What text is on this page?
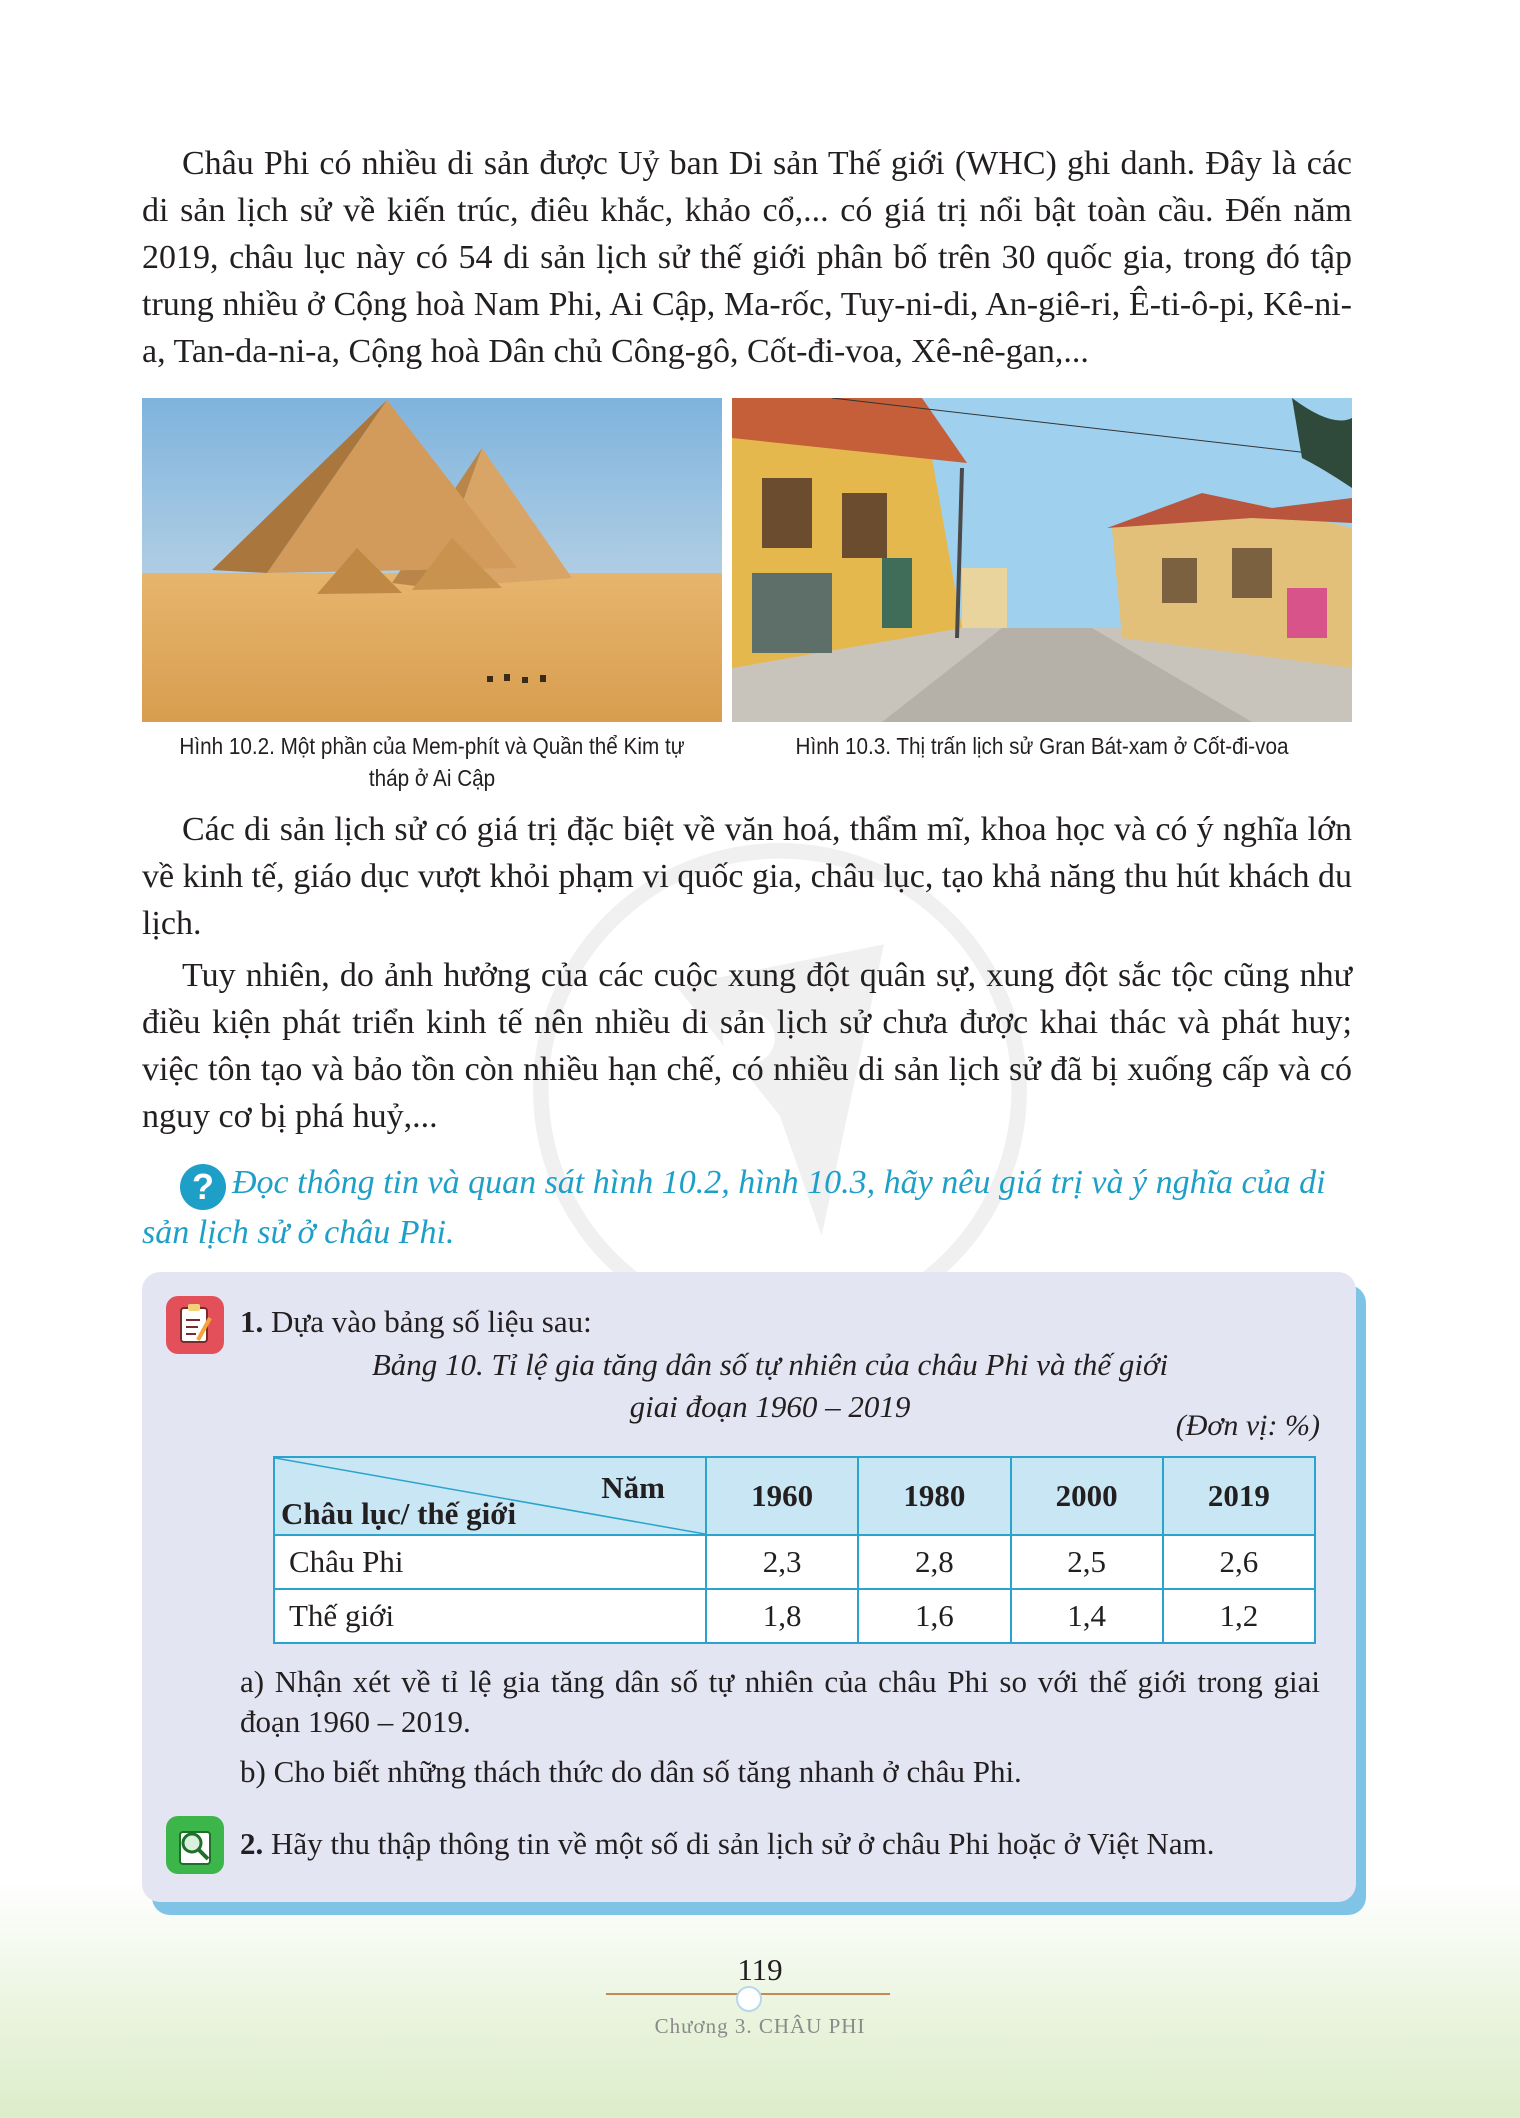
Châu Phi có nhiều di sản được Uỷ ban Di sản Thế giới (WHC) ghi danh. Đây là các di sản lịch sử về kiến trúc, điêu khắc, khảo cổ,... có giá trị nổi bật toàn cầu. Đến năm 2019, châu lục này có 54 di sản lịch sử thế giới phân bố trên 30 quốc gia, trong đó tập trung nhiều ở Cộng hoà Nam Phi, Ai Cập, Ma-rốc, Tuy-ni-di, An-giê-ri, Ê-ti-ô-pi, Kê-ni-a, Tan-da-ni-a, Cộng hoà Dân chủ Công-gô, Cốt-đi-voa, Xê-nê-gan,...

Hình 10.2. Một phần của Mem-phít và Quần thể Kim tự tháp ở Ai Cập
Hình 10.3. Thị trấn lịch sử Gran Bát-xam ở Cốt-đi-voa

Các di sản lịch sử có giá trị đặc biệt về văn hoá, thẩm mĩ, khoa học và có ý nghĩa lớn về kinh tế, giáo dục vượt khỏi phạm vi quốc gia, châu lục, tạo khả năng thu hút khách du lịch.

Tuy nhiên, do ảnh hưởng của các cuộc xung đột quân sự, xung đột sắc tộc cũng như điều kiện phát triển kinh tế nên nhiều di sản lịch sử chưa được khai thác và phát huy; việc tôn tạo và bảo tồn còn nhiều hạn chế, có nhiều di sản lịch sử đã bị xuống cấp và có nguy cơ bị phá huỷ,...

? Đọc thông tin và quan sát hình 10.2, hình 10.3, hãy nêu giá trị và ý nghĩa của di sản lịch sử ở châu Phi.

1. Dựa vào bảng số liệu sau:
Bảng 10. Tỉ lệ gia tăng dân số tự nhiên của châu Phi và thế giới
giai đoạn 1960 – 2019
(Đơn vị: %)
Năm
Châu lục/ thế giới	1960	1980	2000	2019
Châu Phi	2,3	2,8	2,5	2,6
Thế giới	1,8	1,6	1,4	1,2
a) Nhận xét về tỉ lệ gia tăng dân số tự nhiên của châu Phi so với thế giới trong giai đoạn 1960 – 2019.
b) Cho biết những thách thức do dân số tăng nhanh ở châu Phi.
2. Hãy thu thập thông tin về một số di sản lịch sử ở châu Phi hoặc ở Việt Nam.
119
Chương 3. CHÂU PHI
